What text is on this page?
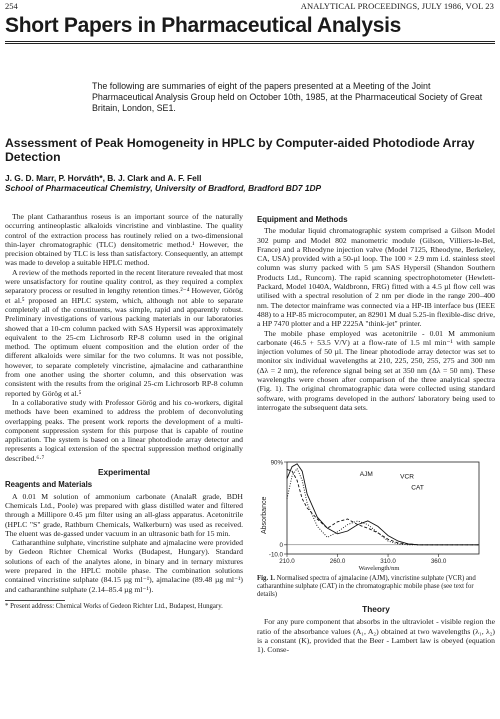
254	ANALYTICAL PROCEEDINGS, JULY 1986, VOL 23
Short Papers in Pharmaceutical Analysis
The following are summaries of eight of the papers presented at a Meeting of the Joint Pharmaceutical Analysis Group held on October 10th, 1985, at the Pharmaceutical Society of Great Britain, London, SE1.
Assessment of Peak Homogeneity in HPLC by Computer-aided Photodiode Array Detection
J. G. D. Marr, P. Horváth*, B. J. Clark and A. F. Fell
School of Pharmaceutical Chemistry, University of Bradford, Bradford BD7 1DP

The plant Catharanthus roseus is an important source of the naturally occurring antineoplastic alkaloids vincristine and vinblastine. The quality control of the extraction process has routinely relied on a two-dimensional thin-layer chromatographic (TLC) densitometric method.¹ However, the precision obtained by TLC is less than satisfactory. Consequently, an attempt was made to develop a suitable HPLC method.

A review of the methods reported in the recent literature revealed that most were unsatisfactory for routine quality control, as they required a complex separatory process or resulted in lengthy retention times.²⁻⁴ However, Görög et al.⁵ proposed an HPLC system, which, although not able to separate completely all of the constituents, was simple, rapid and apparently robust. Preliminary investigations of various packing materials in our laboratories showed that a 10-cm column packed with SAS Hypersil was approximately equivalent to the 25-cm Lichrosorb RP-8 column used in the original method. The optimum eluent composition and the elution order of the different alkaloids were similar for the two columns. It was not possible, however, to separate completely vincristine, ajmalacine and catharanthine from one another using the shorter column, and this observation was consistent with the results from the original 25-cm Lichrosorb RP-8 column reported by Görög et al.⁵

In a collaborative study with Professor Görög and his co-workers, digital methods have been examined to address the problem of deconvoluting overlapping peaks. The present work reports the development of a multi-component suppression system for this purpose that is capable of routine application. The system is based on a linear photodiode array detector and represents a logical extension of the spectral suppression method originally described.⁶·⁷

Experimental
Reagents and Materials

A 0.01 M solution of ammonium carbonate (AnalaR grade, BDH Chemicals Ltd., Poole) was prepared with glass distilled water and filtered through a Millipore 0.45 µm filter using an all-glass apparatus. Acetonitrile (HPLC "S" grade, Rathburn Chemicals, Walkerburn) was used as received. The eluent was de-gassed under vacuum in an ultrasonic bath for 15 min.

Catharanthine sulphate, vincristine sulphate and ajmalacine were provided by Gedeon Richter Chemical Works (Budapest, Hungary). Standard solutions of each of the analytes alone, in binary and in ternary mixtures were prepared in the HPLC mobile phase. The combination solutions contained vincristine sulphate (84.15 µg ml⁻¹), ajmalacine (89.48 µg ml⁻¹) and catharanthine sulphate (2.14–85.4 µg ml⁻¹).

* Present address: Chemical Works of Gedeon Richter Ltd., Budapest, Hungary.
Equipment and Methods

The modular liquid chromatographic system comprised a Gilson Model 302 pump and Model 802 manometric module (Gilson, Villiers-le-Bel, France) and a Rheodyne injection valve (Model 7125, Rheodyne, Berkeley, CA, USA) provided with a 50-µl loop. The 100 × 2.9 mm i.d. stainless steel column was slurry packed with 5 µm SAS Hypersil (Shandon Southern Products Ltd., Runcorn). The rapid scanning spectrophotometer (Hewlett-Packard, Model 1040A, Waldbronn, FRG) fitted with a 4.5 µl flow cell was utilised with a spectral resolution of 2 nm per diode in the range 200–400 nm. The detector mainframe was connected via a HP-IB interface bus (IEEE 488) to a HP-85 microcomputer, an 82901 M dual 5.25-in flexible-disc drive, a HP 7470 plotter and a HP 2225A "think-jet" printer.

The mobile phase employed was acetonitrile - 0.01 M ammonium carbonate (46.5 + 53.5 V/V) at a flow-rate of 1.5 ml min⁻¹ with sample injection volumes of 50 µl. The linear photodiode array detector was set to monitor six individual wavelengths at 210, 225, 250, 255, 275 and 300 nm (Δλ = 2 nm), the reference signal being set at 350 nm (Δλ = 50 nm). These wavelengths were chosen after comparison of the three analytical spectra (Fig. 1). The original chromatographic data were collected using standard software, with programs developed in the authors' laboratory being used to interrogate the subsequent data sets.

Absorbance
Wavelength/nm
90%
0
-10.0
210.0	260.0	310.0	360.0
AJM	VCR
CAT
Fig. 1. Normalised spectra of ajmalacine (AJM), vincristine sulphate (VCR) and catharanthine sulphate (CAT) in the chromatographic mobile phase (see text for details)
Theory

For any pure component that absorbs in the ultraviolet - visible region the ratio of the absorbance values (A₁, A₂) obtained at two wavelengths (λ₁, λ₂) is a constant (K), provided that the Beer - Lambert law is obeyed (equation 1). Conse-
